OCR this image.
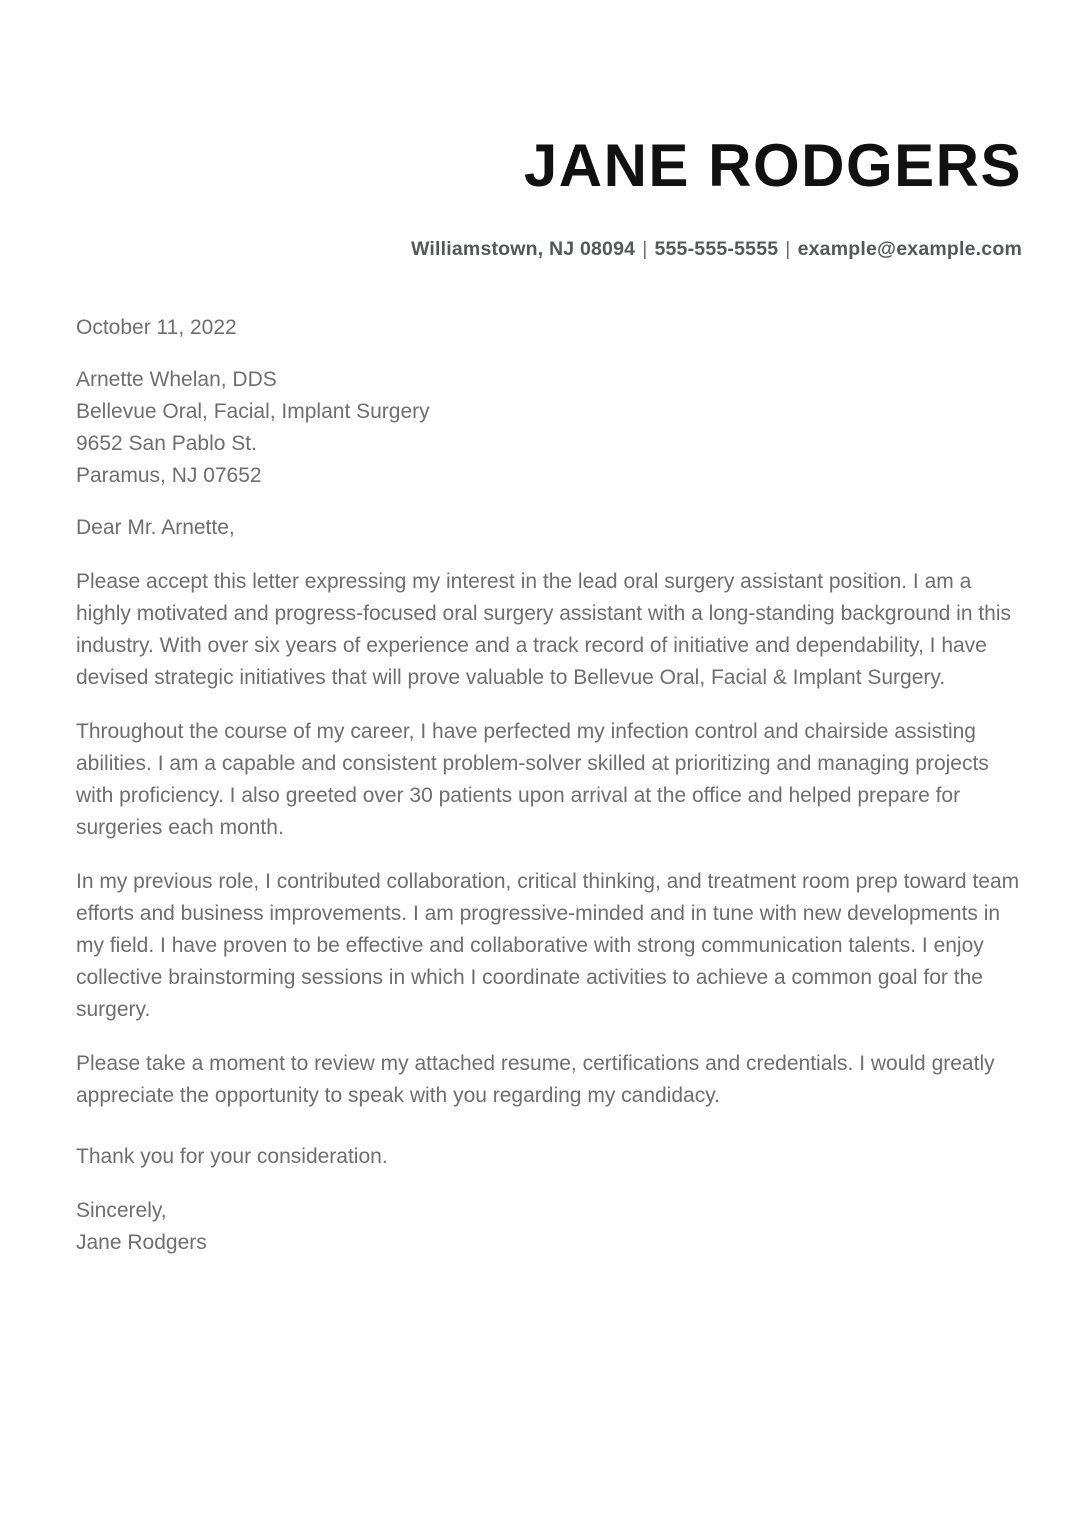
JANE RODGERS

Williamstown, NJ 08094 | 555-555-5555 | example@example.com

October 11, 2022

Arnette Whelan, DDS

Bellevue Oral, Facial, Implant Surgery

9652 San Pablo St.

Paramus, NJ 07652

Dear Mr. Arnette,

Please accept this letter expressing my interest in the lead oral surgery assistant position. I am a highly motivated and progress-focused oral surgery assistant with a long-standing background in this industry. With over six years of experience and a track record of initiative and dependability, I have devised strategic initiatives that will prove valuable to Bellevue Oral, Facial & Implant Surgery.

Throughout the course of my career, I have perfected my infection control and chairside assisting abilities. I am a capable and consistent problem-solver skilled at prioritizing and managing projects with proficiency. I also greeted over 30 patients upon arrival at the office and helped prepare for surgeries each month.

In my previous role, I contributed collaboration, critical thinking, and treatment room prep toward team efforts and business improvements. I am progressive-minded and in tune with new developments in my field. I have proven to be effective and collaborative with strong communication talents. I enjoy collective brainstorming sessions in which I coordinate activities to achieve a common goal for the surgery.

Please take a moment to review my attached resume, certifications and credentials. I would greatly appreciate the opportunity to speak with you regarding my candidacy.

Thank you for your consideration.

Sincerely,

Jane Rodgers
